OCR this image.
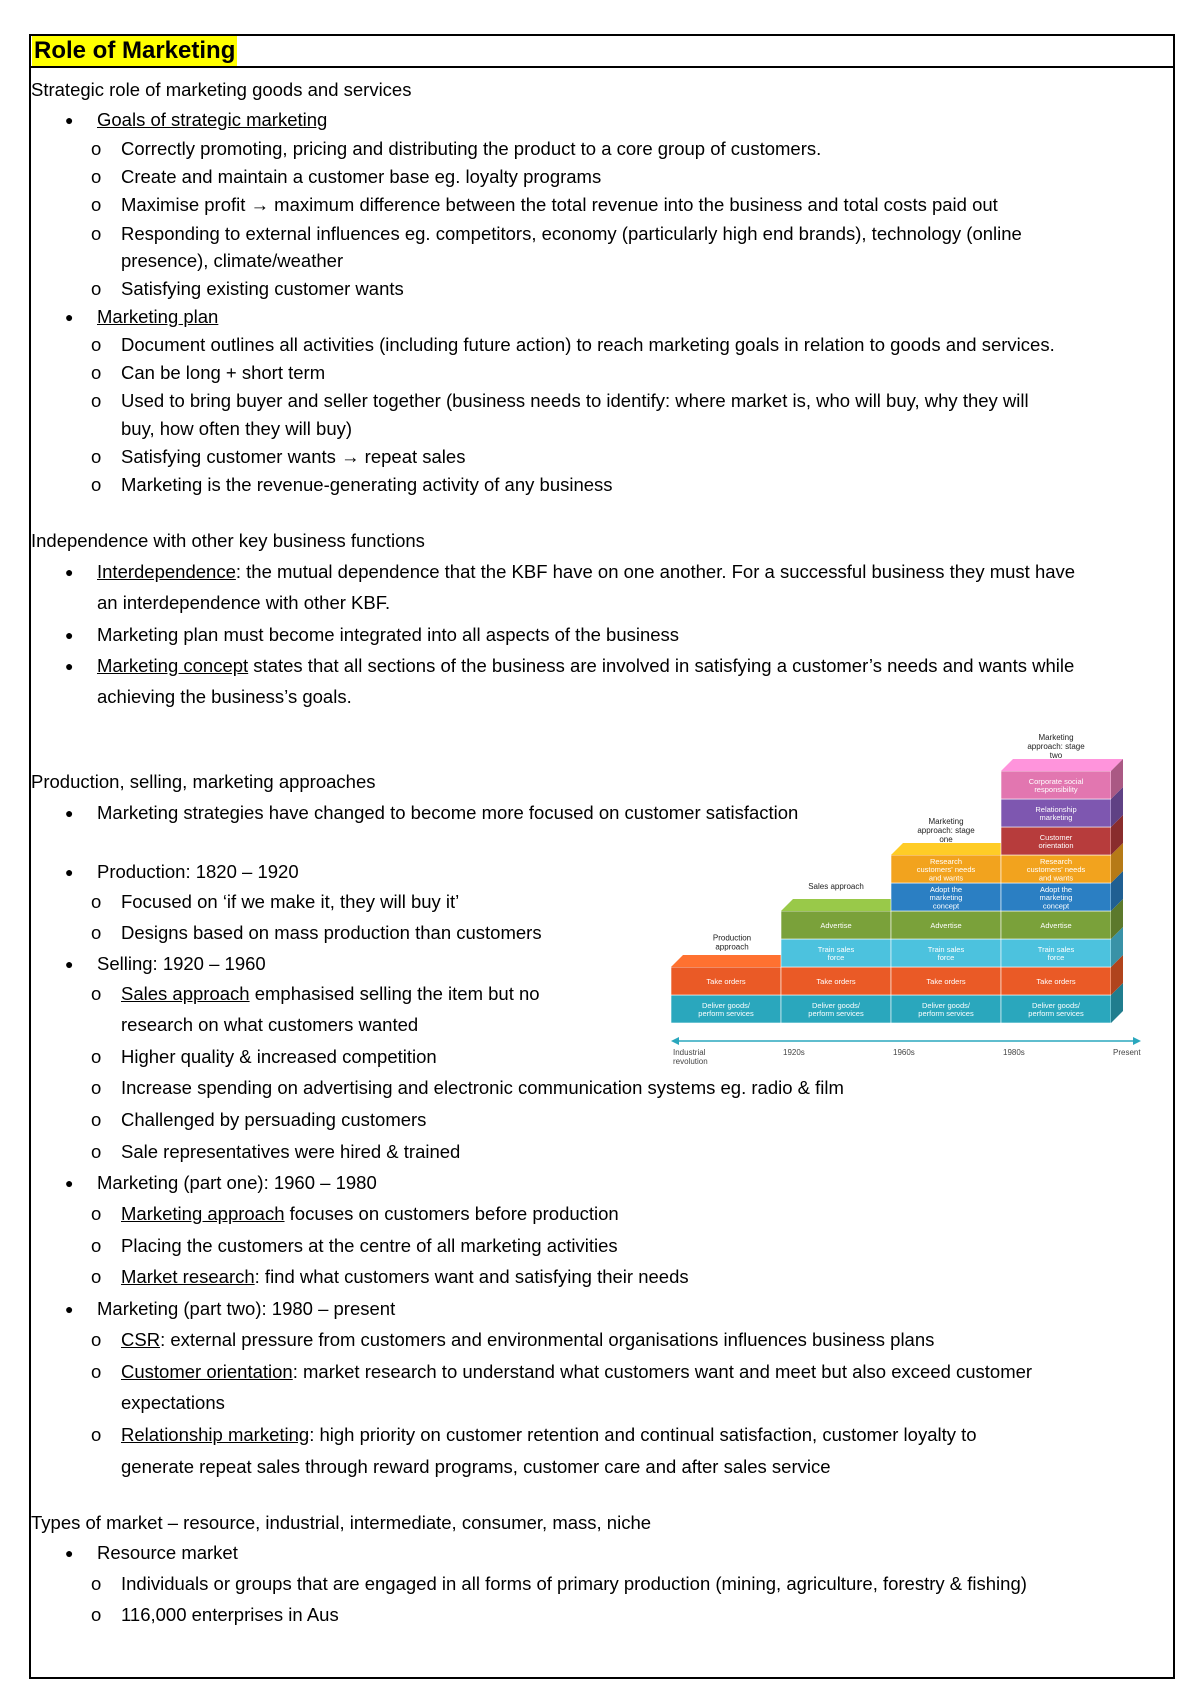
Role of Marketing
Strategic role of marketing goods and services
● Goals of strategic marketing
o Correctly promoting, pricing and distributing the product to a core group of customers.
o Create and maintain a customer base eg. loyalty programs
o Maximise profit → maximum difference between the total revenue into the business and total costs paid out
o Responding to external influences eg. competitors, economy (particularly high end brands), technology (online
presence), climate/weather
o Satisfying existing customer wants
● Marketing plan
o Document outlines all activities (including future action) to reach marketing goals in relation to goods and services.
o Can be long + short term
o Used to bring buyer and seller together (business needs to identify: where market is, who will buy, why they will
buy, how often they will buy)
o Satisfying customer wants → repeat sales
o Marketing is the revenue-generating activity of any business
Independence with other key business functions
● Interdependence: the mutual dependence that the KBF have on one another. For a successful business they must have
an interdependence with other KBF.
● Marketing plan must become integrated into all aspects of the business
● Marketing concept states that all sections of the business are involved in satisfying a customer’s needs and wants while
achieving the business’s goals.
Production, selling, marketing approaches
● Marketing strategies have changed to become more focused on customer satisfaction
● Production: 1820 – 1920
o Focused on ‘if we make it, they will buy it’
o Designs based on mass production than customers
● Selling: 1920 – 1960
o Sales approach emphasised selling the item but no
research on what customers wanted
o Higher quality & increased competition
o Increase spending on advertising and electronic communication systems eg. radio & film
o Challenged by persuading customers
o Sale representatives were hired & trained
● Marketing (part one): 1960 – 1980
o Marketing approach focuses on customers before production
o Placing the customers at the centre of all marketing activities
o Market research: find what customers want and satisfying their needs
● Marketing (part two): 1980 – present
o CSR: external pressure from customers and environmental organisations influences business plans
o Customer orientation: market research to understand what customers want and meet but also exceed customer
expectations
o Relationship marketing: high priority on customer retention and continual satisfaction, customer loyalty to
generate repeat sales through reward programs, customer care and after sales service
Types of market – resource, industrial, intermediate, consumer, mass, niche
● Resource market
o Individuals or groups that are engaged in all forms of primary production (mining, agriculture, forestry & fishing)
o 116,000 enterprises in Aus
Deliver goods/ perform services
Take orders
Deliver goods/ perform services
Take orders
Train sales force
Advertise
Deliver goods/ perform services
Take orders
Train sales force
Advertise
Adopt the marketing concept
Research customers' needs and wants
Deliver goods/ perform services
Take orders
Train sales force
Advertise
Adopt the marketing concept
Research customers' needs and wants
Customer orientation
Relationship marketing
Corporate social responsibility
Production approach
Sales approach
Marketing approach: stage one
Marketing approach: stage two
Industrial revolution
1920s	1960s	1980s	Present
